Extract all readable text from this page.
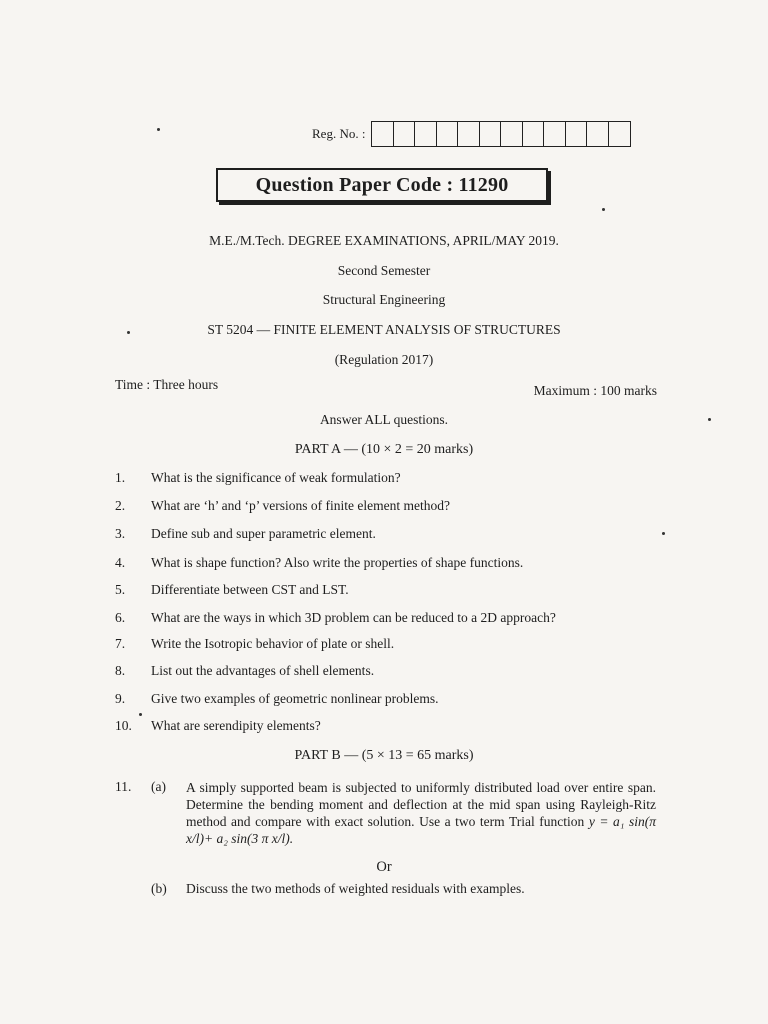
Reg. No. :
Question Paper Code : 11290
M.E./M.Tech. DEGREE EXAMINATIONS, APRIL/MAY 2019.
Second Semester
Structural Engineering
ST 5204 — FINITE ELEMENT ANALYSIS OF STRUCTURES
(Regulation 2017)
Time : Three hours	Maximum : 100 marks
Answer ALL questions.
PART A — (10 × 2 = 20 marks)
1. What is the significance of weak formulation?
2. What are ‘h’ and ‘p’ versions of finite element method?
3. Define sub and super parametric element.
4. What is shape function? Also write the properties of shape functions.
5. Differentiate between CST and LST.
6. What are the ways in which 3D problem can be reduced to a 2D approach?
7. Write the Isotropic behavior of plate or shell.
8. List out the advantages of shell elements.
9. Give two examples of geometric nonlinear problems.
10. What are serendipity elements?
PART B — (5 × 13 = 65 marks)
11. (a) A simply supported beam is subjected to uniformly distributed load over entire span. Determine the bending moment and deflection at the mid span using Rayleigh-Ritz method and compare with exact solution. Use a two term Trial function y = a₁ sin(π x/l)+ a₂ sin(3 π x/l).
Or
(b) Discuss the two methods of weighted residuals with examples.
